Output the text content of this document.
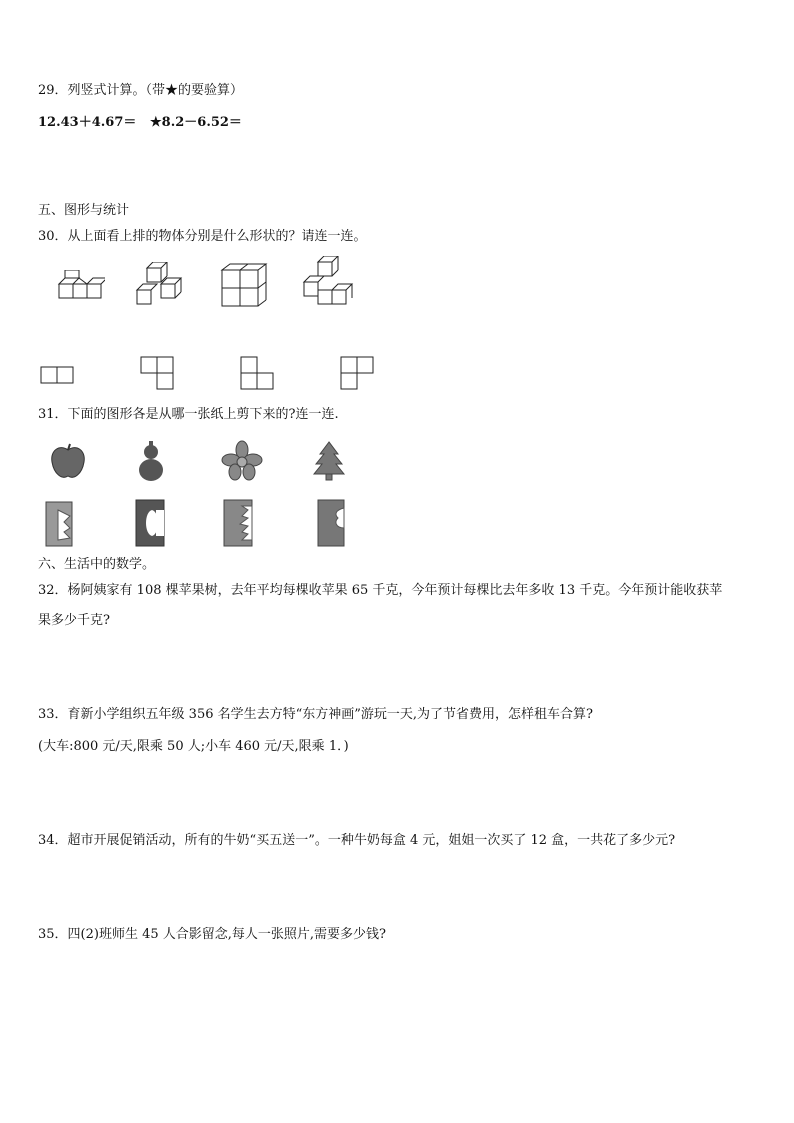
29．列竖式计算。（带★的要验算）
12.43＋4.67＝ ★8.2－6.52＝
五、图形与统计
30．从上面看上排的物体分别是什么形状的？请连一连。
31．下面的图形各是从哪一张纸上剪下来的?连一连.
六、生活中的数学。
32．杨阿姨家有 108 棵苹果树，去年平均每棵收苹果 65 千克，今年预计每棵比去年多收 13 千克。今年预计能收获苹
果多少千克?
33．育新小学组织五年级 356 名学生去方特“东方神画”游玩一天,为了节省费用，怎样租车合算?
(大车:800 元/天,限乘 50 人;小车 460 元/天,限乘 1．)
34．超市开展促销活动，所有的牛奶“买五送一”。一种牛奶每盒 4 元，姐姐一次买了 12 盒，一共花了多少元?
35．四(2)班师生 45 人合影留念,每人一张照片,需要多少钱?
